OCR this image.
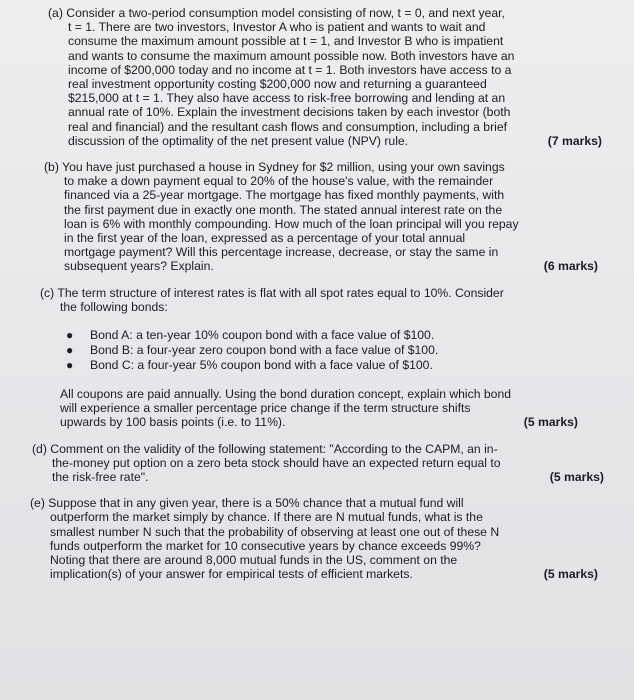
(a) Consider a two-period consumption model consisting of now, t = 0, and next year,
t = 1. There are two investors, Investor A who is patient and wants to wait and
consume the maximum amount possible at t = 1, and Investor B who is impatient
and wants to consume the maximum amount possible now. Both investors have an
income of $200,000 today and no income at t = 1. Both investors have access to a
real investment opportunity costing $200,000 now and returning a guaranteed
$215,000 at t = 1. They also have access to risk-free borrowing and lending at an
annual rate of 10%. Explain the investment decisions taken by each investor (both
real and financial) and the resultant cash flows and consumption, including a brief
discussion of the optimality of the net present value (NPV) rule.	(7 marks)
(b) You have just purchased a house in Sydney for $2 million, using your own savings
to make a down payment equal to 20% of the house's value, with the remainder
financed via a 25-year mortgage. The mortgage has fixed monthly payments, with
the first payment due in exactly one month. The stated annual interest rate on the
loan is 6% with monthly compounding. How much of the loan principal will you repay
in the first year of the loan, expressed as a percentage of your total annual
mortgage payment? Will this percentage increase, decrease, or stay the same in
subsequent years? Explain.	(6 marks)
(c) The term structure of interest rates is flat with all spot rates equal to 10%. Consider
the following bonds:
● Bond A: a ten-year 10% coupon bond with a face value of $100.
● Bond B: a four-year zero coupon bond with a face value of $100.
● Bond C: a four-year 5% coupon bond with a face value of $100.
All coupons are paid annually. Using the bond duration concept, explain which bond
will experience a smaller percentage price change if the term structure shifts
upwards by 100 basis points (i.e. to 11%).	(5 marks)
(d) Comment on the validity of the following statement: "According to the CAPM, an in-
the-money put option on a zero beta stock should have an expected return equal to
the risk-free rate".	(5 marks)
(e) Suppose that in any given year, there is a 50% chance that a mutual fund will
outperform the market simply by chance. If there are N mutual funds, what is the
smallest number N such that the probability of observing at least one out of these N
funds outperform the market for 10 consecutive years by chance exceeds 99%?
Noting that there are around 8,000 mutual funds in the US, comment on the
implication(s) of your answer for empirical tests of efficient markets.	(5 marks)
